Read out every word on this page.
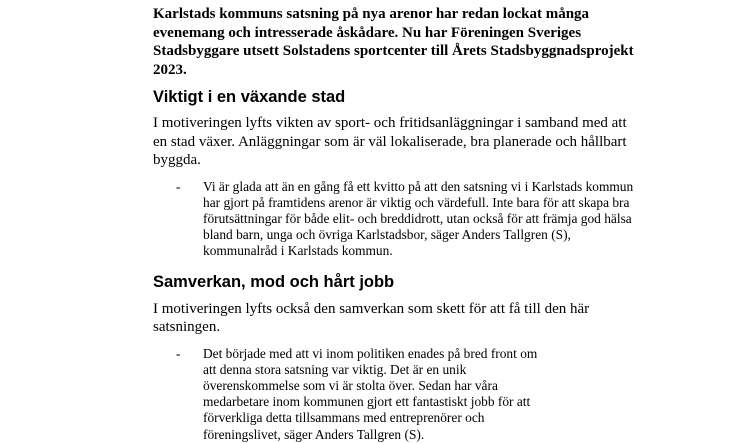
Karlstads kommuns satsning på nya arenor har redan lockat många evenemang och intresserade åskådare. Nu har Föreningen Sveriges Stadsbyggare utsett Solstadens sportcenter till Årets Stadsbyggnadsprojekt 2023.

Viktigt i en växande stad

I motiveringen lyfts vikten av sport- och fritidsanläggningar i samband med att en stad växer. Anläggningar som är väl lokaliserade, bra planerade och hållbart byggda.

- Vi är glada att än en gång få ett kvitto på att den satsning vi i Karlstads kommun har gjort på framtidens arenor är viktig och värdefull. Inte bara för att skapa bra förutsättningar för både elit- och breddidrott, utan också för att främja god hälsa bland barn, unga och övriga Karlstadsbor, säger Anders Tallgren (S), kommunalråd i Karlstads kommun.
Samverkan, mod och hårt jobb

I motiveringen lyfts också den samverkan som skett för att få till den här satsningen.

- Det började med att vi inom politiken enades på bred front om att denna stora satsning var viktig. Det är en unik överenskommelse som vi är stolta över. Sedan har våra medarbetare inom kommunen gjort ett fantastiskt jobb för att förverkliga detta tillsammans med entreprenörer och föreningslivet, säger Anders Tallgren (S).
